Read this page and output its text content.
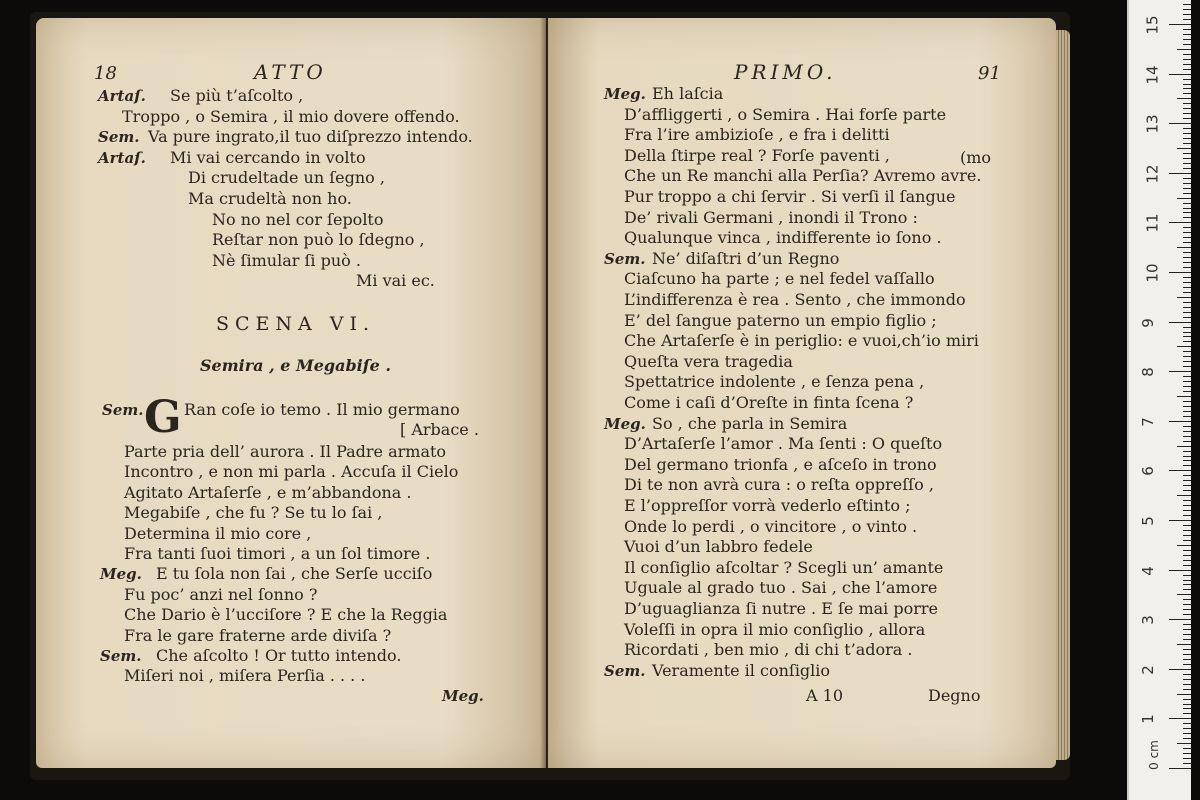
18	ATTO
Artaſ. Se più t’aſcolto ,
Troppo , o Semira , il mio dovere offendo.
Sem. Va pure ingrato,il tuo diſprezzo intendo.
Artaſ. Mi vai cercando in volto
Di crudeltade un ſegno ,
Ma crudeltà non ho.
No no nel cor ſepolto
Reſtar non può lo ſdegno ,
Nè ſimular ſi può .
Mi vai ec.
SCENA VI.
Semira , e Megabiſe .
Sem. G Ran coſe io temo . Il mio germano
[ Arbace .
Parte pria dell’ aurora . Il Padre armato
Incontro , e non mi parla . Accuſa il Cielo
Agitato Artaſerſe , e m’abbandona .
Megabiſe , che fu ? Se tu lo ſai ,
Determina il mio core ,
Fra tanti ſuoi timori , a un ſol timore .
Meg. E tu ſola non ſai , che Serſe ucciſo
Fu poc’ anzi nel ſonno ?
Che Dario è l’ucciſore ? E che la Reggia
Fra le gare fraterne arde diviſa ?
Sem. Che aſcolto ! Or tutto intendo.
Miſeri noi , miſera Perſia . . . .
Meg.
PRIMO.	91
(mo
Meg. Eh laſcia
D’affliggerti , o Semira . Hai forſe parte
Fra l’ire ambizioſe , e fra i delitti
Della ſtirpe real ? Forſe paventi ,
Che un Re manchi alla Perſia? Avremo avre.
Pur troppo a chi ſervir . Si verſi il ſangue
De’ rivali Germani , inondi il Trono :
Qualunque vinca , indifferente io ſono .
Sem. Ne’ diſaſtri d’un Regno
Ciaſcuno ha parte ; e nel fedel vaſſallo
L’indifferenza è rea . Sento , che immondo
E’ del ſangue paterno un empio figlio ;
Che Artaſerſe è in periglio: e vuoi,ch’io miri
Queſta vera tragedia
Spettatrice indolente , e ſenza pena ,
Come i caſi d’Oreſte in finta ſcena ?
Meg. So , che parla in Semira
D’Artaſerſe l’amor . Ma ſenti : O queſto
Del germano trionfa , e aſceſo in trono
Di te non avrà cura : o reſta oppreſſo ,
E l’oppreſſor vorrà vederlo eſtinto ;
Onde lo perdi , o vincitore , o vinto .
Vuoi d’un labbro fedele
Il conſiglio aſcoltar ? Scegli un’ amante
Uguale al grado tuo . Sai , che l’amore
D’uguaglianza ſi nutre . E ſe mai porre
Voleſſi in opra il mio conſiglio , allora
Ricordati , ben mio , di chi t’adora .
Sem. Veramente il conſiglio
A 10	Degno
1
2
3
4
5
6
7
8
9
10
11
12
13
14
15
0 cm
